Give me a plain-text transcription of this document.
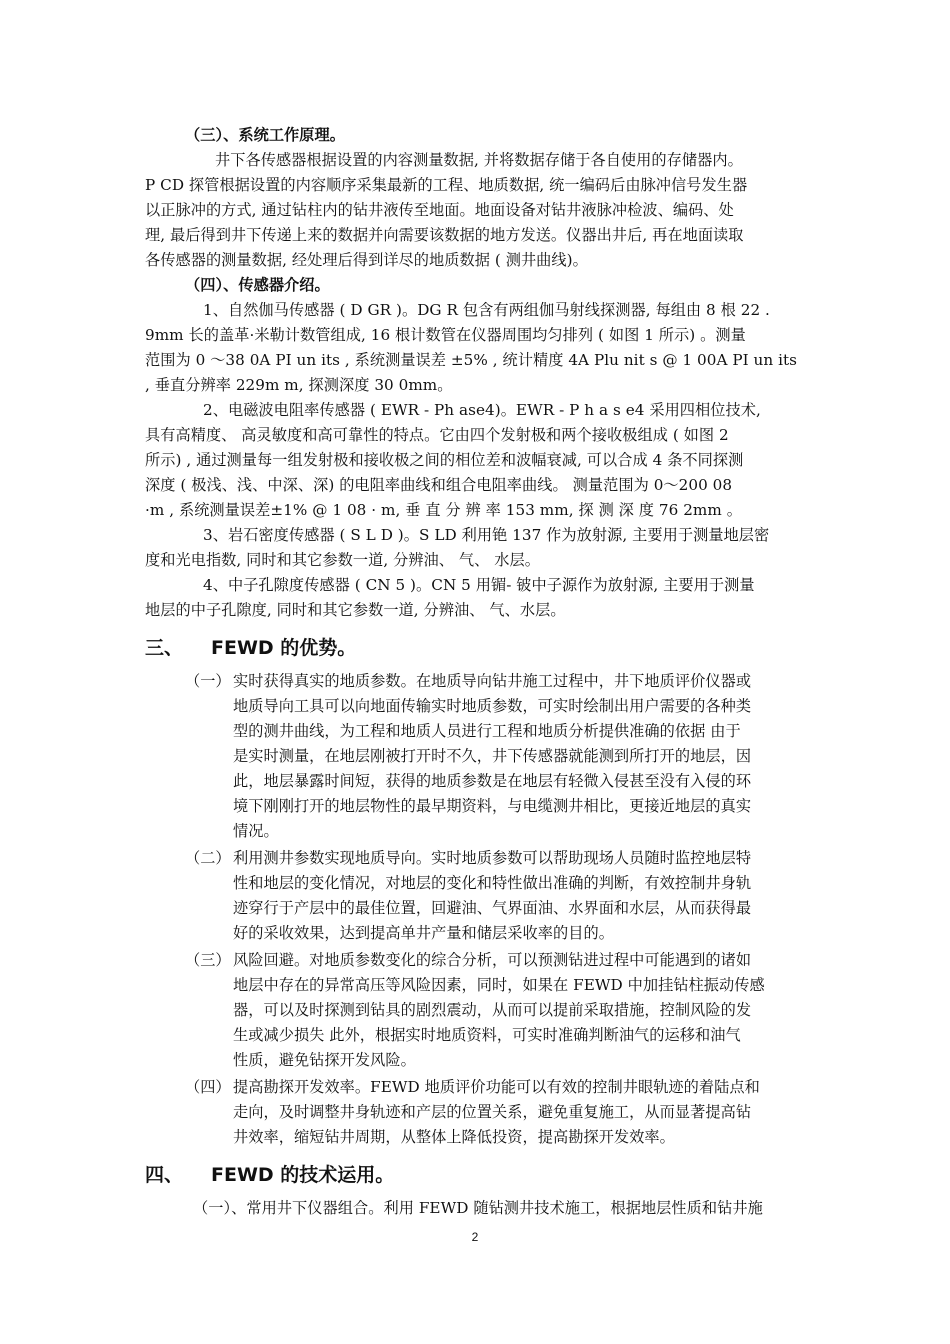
（三）、系统工作原理。
井下各传感器根据设置的内容测量数据, 并将数据存储于各自使用的存储器内。
P CD 探管根据设置的内容顺序采集最新的工程、地质数据, 统一编码后由脉冲信号发生器
以正脉冲的方式, 通过钻柱内的钻井液传至地面。地面设备对钻井液脉冲检波、编码、处
理, 最后得到井下传递上来的数据并向需要该数据的地方发送。仪器出井后, 再在地面读取
各传感器的测量数据, 经处理后得到详尽的地质数据 ( 测井曲线)。
（四）、传感器介绍。
1、自然伽马传感器 ( D GR )。DG R 包含有两组伽马射线探测器, 每组由 8 根 22 .
9mm 长的盖革·米勒计数管组成, 16 根计数管在仪器周围均匀排列 ( 如图 1 所示) 。测量
范围为 0 ～38 0A PI un its , 系统测量误差 ±5% , 统计精度 4A Plu nit s @ 1 00A PI un its
, 垂直分辨率 229m m, 探测深度 30 0mm。
2、电磁波电阻率传感器 ( EWR - Ph ase4)。EWR - P h a s e4 采用四相位技术,
具有高精度、 高灵敏度和高可靠性的特点。它由四个发射极和两个接收极组成 ( 如图 2
所示) , 通过测量每一组发射极和接收极之间的相位差和波幅衰减, 可以合成 4 条不同探测
深度 ( 极浅、浅、中深、深) 的电阻率曲线和组合电阻率曲线。 测量范围为 0～200 08
·m , 系统测量误差±1% @ 1 08 · m, 垂 直 分 辨 率 153 mm, 探 测 深 度 76 2mm 。
3、岩石密度传感器 ( S L D )。S LD 利用铯 137 作为放射源, 主要用于测量地层密
度和光电指数, 同时和其它参数一道, 分辨油、 气、 水层。
4、中子孔隙度传感器 ( CN 5 )。CN 5 用镅- 铍中子源作为放射源, 主要用于测量
地层的中子孔隙度, 同时和其它参数一道, 分辨油、 气、水层。
三、 FEWD 的优势。
（一） 实时获得真实的地质参数。在地质导向钻井施工过程中，井下地质评价仪器或
地质导向工具可以向地面传输实时地质参数，可实时绘制出用户需要的各种类
型的测井曲线，为工程和地质人员进行工程和地质分析提供准确的依据 由于
是实时测量，在地层刚被打开时不久，井下传感器就能测到所打开的地层，因
此，地层暴露时间短，获得的地质参数是在地层有轻微入侵甚至没有入侵的环
境下刚刚打开的地层物性的最早期资料，与电缆测井相比，更接近地层的真实
情况。
（二） 利用测井参数实现地质导向。实时地质参数可以帮助现场人员随时监控地层特
性和地层的变化情况，对地层的变化和特性做出准确的判断，有效控制井身轨
迹穿行于产层中的最佳位置，回避油、气界面油、水界面和水层，从而获得最
好的采收效果，达到提高单井产量和储层采收率的目的。
（三） 风险回避。对地质参数变化的综合分析，可以预测钻进过程中可能遇到的诸如
地层中存在的异常高压等风险因素，同时，如果在 FEWD 中加挂钻柱振动传感
器，可以及时探测到钻具的剧烈震动，从而可以提前采取措施，控制风险的发
生或减少损失 此外，根据实时地质资料，可实时准确判断油气的运移和油气
性质，避免钻探开发风险。
（四） 提高勘探开发效率。FEWD 地质评价功能可以有效的控制井眼轨迹的着陆点和
走向，及时调整井身轨迹和产层的位置关系，避免重复施工，从而显著提高钻
井效率，缩短钻井周期，从整体上降低投资，提高勘探开发效率。
四、 FEWD 的技术运用。
（一）、常用井下仪器组合。利用 FEWD 随钻测井技术施工，根据地层性质和钻井施
2
